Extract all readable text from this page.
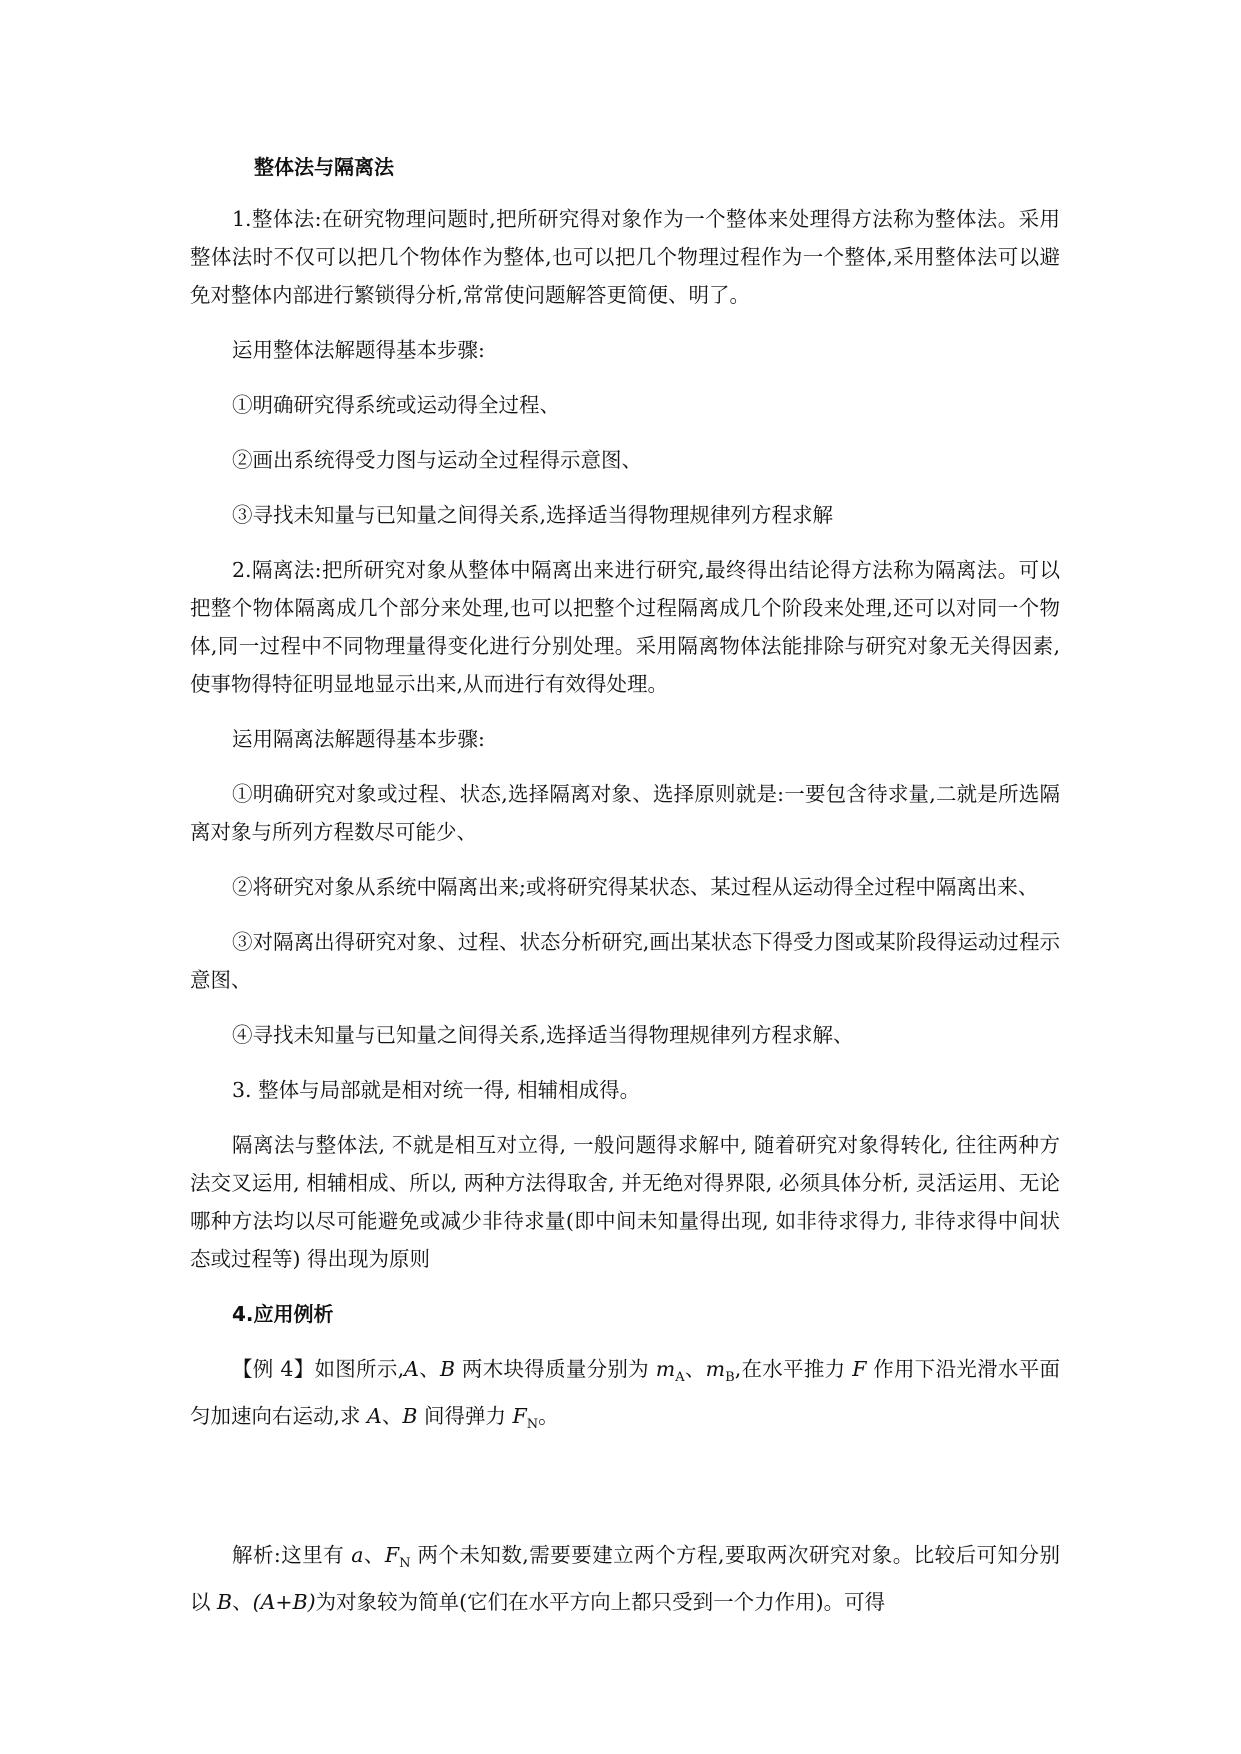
整体法与隔离法

1.整体法:在研究物理问题时,把所研究得对象作为一个整体来处理得方法称为整体法。采用整体法时不仅可以把几个物体作为整体,也可以把几个物理过程作为一个整体,采用整体法可以避免对整体内部进行繁锁得分析,常常使问题解答更简便、明了。

运用整体法解题得基本步骤:

①明确研究得系统或运动得全过程、

②画出系统得受力图与运动全过程得示意图、

③寻找未知量与已知量之间得关系,选择适当得物理规律列方程求解

2.隔离法:把所研究对象从整体中隔离出来进行研究,最终得出结论得方法称为隔离法。可以把整个物体隔离成几个部分来处理,也可以把整个过程隔离成几个阶段来处理,还可以对同一个物体,同一过程中不同物理量得变化进行分别处理。采用隔离物体法能排除与研究对象无关得因素,使事物得特征明显地显示出来,从而进行有效得处理。

运用隔离法解题得基本步骤:

①明确研究对象或过程、状态,选择隔离对象、选择原则就是:一要包含待求量,二就是所选隔离对象与所列方程数尽可能少、

②将研究对象从系统中隔离出来;或将研究得某状态、某过程从运动得全过程中隔离出来、

③对隔离出得研究对象、过程、状态分析研究,画出某状态下得受力图或某阶段得运动过程示意图、

④寻找未知量与已知量之间得关系,选择适当得物理规律列方程求解、

3. 整体与局部就是相对统一得, 相辅相成得。

隔离法与整体法, 不就是相互对立得, 一般问题得求解中, 随着研究对象得转化, 往往两种方法交叉运用, 相辅相成、所以, 两种方法得取舍, 并无绝对得界限, 必须具体分析, 灵活运用、无论哪种方法均以尽可能避免或减少非待求量(即中间未知量得出现, 如非待求得力, 非待求得中间状态或过程等) 得出现为原则

4.应用例析

【例 4】如图所示,A、B 两木块得质量分别为 $m_A$、$m_B$,在水平推力 F 作用下沿光滑水平面匀加速向右运动,求 A、B 间得弹力 $F_N$。

解析:这里有 a、$F_N$ 两个未知数,需要要建立两个方程,要取两次研究对象。比较后可知分别以 B、(A+B)为对象较为简单(它们在水平方向上都只受到一个力作用)。可得
